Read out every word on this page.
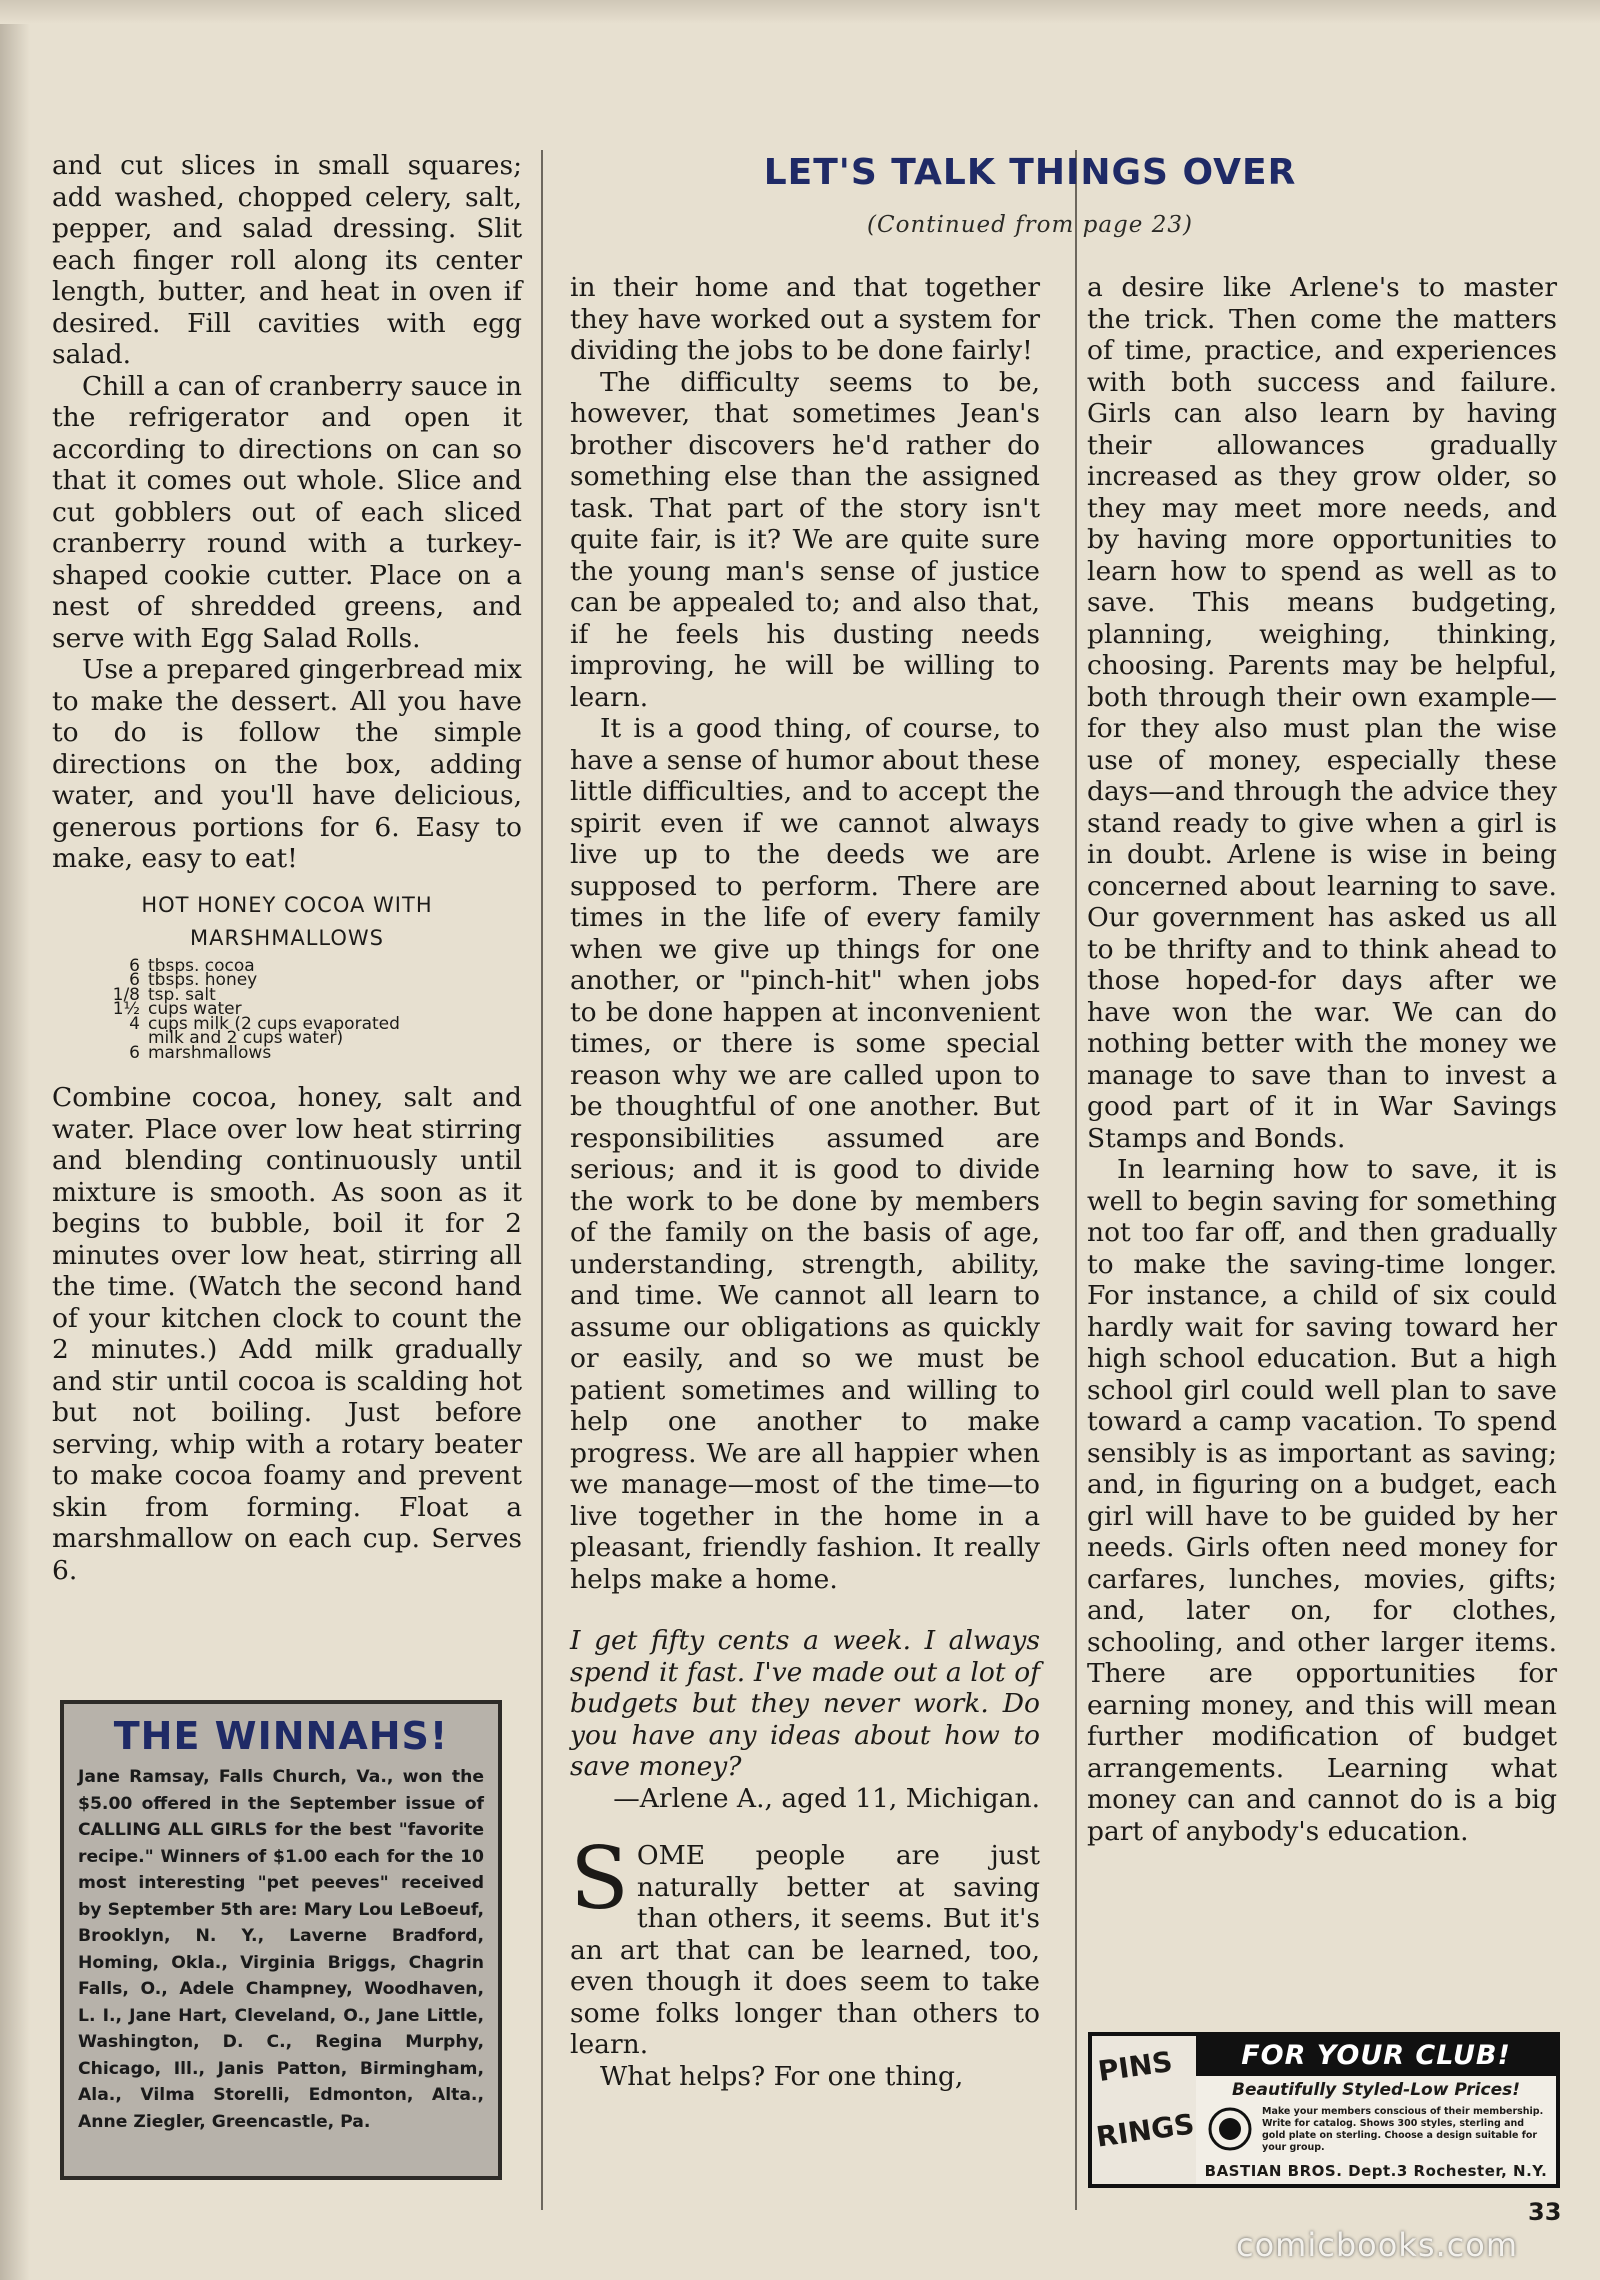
LET'S TALK THINGS OVER
(Continued from page 23)

and cut slices in small squares; add washed, chopped celery, salt, pepper, and salad dressing. Slit each finger roll along its center length, butter, and heat in oven if desired. Fill cavities with egg salad.

Chill a can of cranberry sauce in the refrigerator and open it according to directions on can so that it comes out whole. Slice and cut gobblers out of each sliced cranberry round with a turkey-shaped cookie cutter. Place on a nest of shredded greens, and serve with Egg Salad Rolls.

Use a prepared gingerbread mix to make the dessert. All you have to do is follow the simple directions on the box, adding water, and you'll have delicious, generous portions for 6. Easy to make, easy to eat!

HOT HONEY COCOA WITH
MARSHMALLOWS
6 tbsps. cocoa
6 tbsps. honey
1/8 tsp. salt
1½ cups water
4 cups milk (2 cups evaporated
milk and 2 cups water)
6 marshmallows

Combine cocoa, honey, salt and water. Place over low heat stirring and blending continuously until mixture is smooth. As soon as it begins to bubble, boil it for 2 minutes over low heat, stirring all the time. (Watch the second hand of your kitchen clock to count the 2 minutes.) Add milk gradually and stir until cocoa is scalding hot but not boiling. Just before serving, whip with a rotary beater to make cocoa foamy and prevent skin from forming. Float a marshmallow on each cup. Serves 6.

THE WINNAHS!
Jane Ramsay, Falls Church, Va., won the $5.00 offered in the September issue of CALLING ALL GIRLS for the best "favorite recipe." Winners of $1.00 each for the 10 most interesting "pet peeves" received by September 5th are: Mary Lou LeBoeuf, Brooklyn, N. Y., Laverne Bradford, Homing, Okla., Virginia Briggs, Chagrin Falls, O., Adele Champney, Woodhaven, L. I., Jane Hart, Cleveland, O., Jane Little, Washington, D. C., Regina Murphy, Chicago, Ill., Janis Patton, Birmingham, Ala., Vilma Storelli, Edmonton, Alta., Anne Ziegler, Greencastle, Pa.

in their home and that together they have worked out a system for dividing the jobs to be done fairly!

The difficulty seems to be, however, that sometimes Jean's brother discovers he'd rather do something else than the assigned task. That part of the story isn't quite fair, is it? We are quite sure the young man's sense of justice can be appealed to; and also that, if he feels his dusting needs improving, he will be willing to learn.

It is a good thing, of course, to have a sense of humor about these little difficulties, and to accept the spirit even if we cannot always live up to the deeds we are supposed to perform. There are times in the life of every family when we give up things for one another, or "pinch-hit" when jobs to be done happen at inconvenient times, or there is some special reason why we are called upon to be thoughtful of one another. But responsibilities assumed are serious; and it is good to divide the work to be done by members of the family on the basis of age, understanding, strength, ability, and time. We cannot all learn to assume our obligations as quickly or easily, and so we must be patient sometimes and willing to help one another to make progress. We are all happier when we manage—most of the time—to live together in the home in a pleasant, friendly fashion. It really helps make a home.

I get fifty cents a week. I always spend it fast. I've made out a lot of budgets but they never work. Do you have any ideas about how to save money?

—Arlene A., aged 11, Michigan.

SOME people are just naturally better at saving than others, it seems. But it's an art that can be learned, too, even though it does seem to take some folks longer than others to learn.

What helps? For one thing,

a desire like Arlene's to master the trick. Then come the matters of time, practice, and experiences with both success and failure. Girls can also learn by having their allowances gradually increased as they grow older, so they may meet more needs, and by having more opportunities to learn how to spend as well as to save. This means budgeting, planning, weighing, thinking, choosing. Parents may be helpful, both through their own example—for they also must plan the wise use of money, especially these days—and through the advice they stand ready to give when a girl is in doubt. Arlene is wise in being concerned about learning to save. Our government has asked us all to be thrifty and to think ahead to those hoped-for days after we have won the war. We can do nothing better with the money we manage to save than to invest a good part of it in War Savings Stamps and Bonds.

In learning how to save, it is well to begin saving for something not too far off, and then gradually to make the saving-time longer. For instance, a child of six could hardly wait for saving toward her high school education. But a high school girl could well plan to save toward a camp vacation. To spend sensibly is as important as saving; and, in figuring on a budget, each girl will have to be guided by her needs. Girls often need money for carfares, lunches, movies, gifts; and, later on, for clothes, schooling, and other larger items. There are opportunities for earning money, and this will mean further modification of budget arrangements. Learning what money can and cannot do is a big part of anybody's education.

PINS
RINGS
FOR YOUR CLUB!
Beautifully Styled-Low Prices!
Make your members conscious of their membership. Write for catalog. Shows 300 styles, sterling and gold plate on sterling. Choose a design suitable for your group.
BASTIAN BROS. Dept.3 Rochester, N.Y.
33
comicbooks.com
